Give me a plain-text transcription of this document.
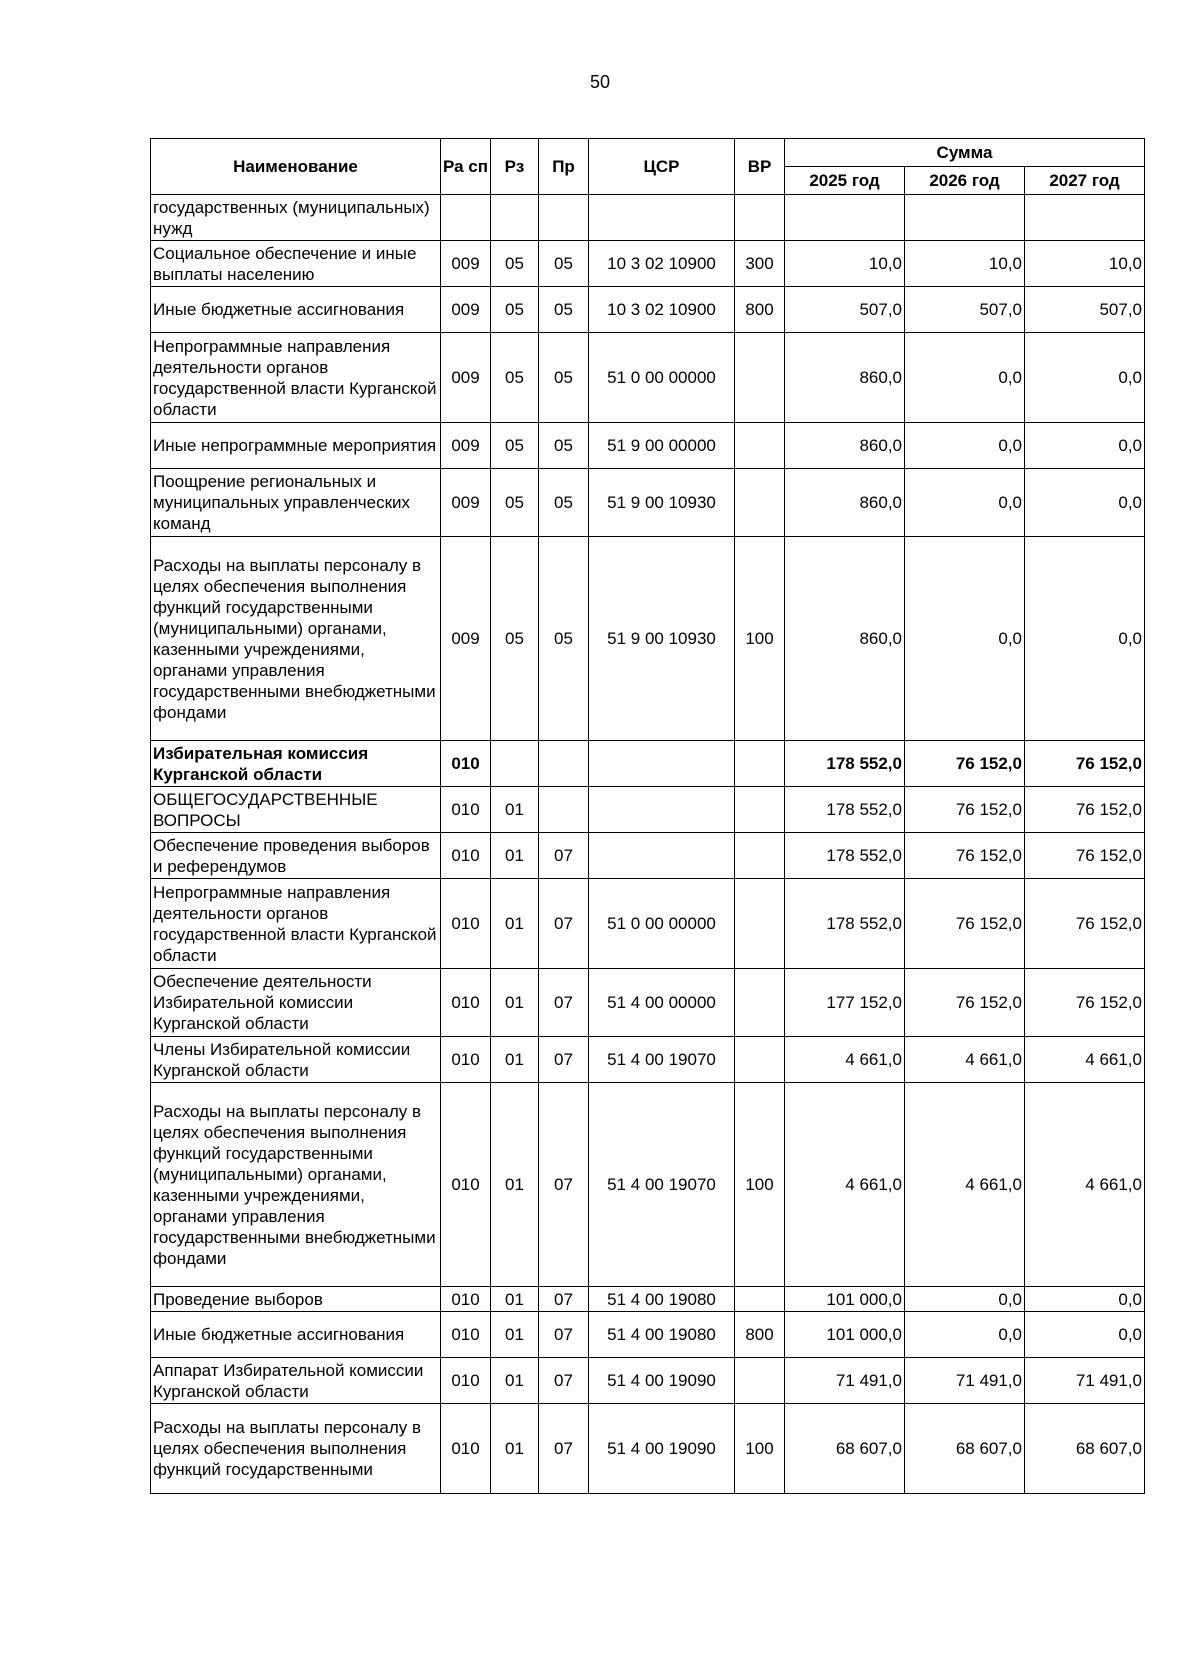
50
Наименование	Ра сп	Рз	Пр	ЦСР	ВР	Сумма		
						2025 год	2026 год	2027 год
государственных (муниципальных) нужд								
Социальное обеспечение и иные выплаты населению	009	05	05	10 3 02 10900	300	10,0	10,0	10,0
Иные бюджетные ассигнования	009	05	05	10 3 02 10900	800	507,0	507,0	507,0
Непрограммные направления деятельности органов государственной власти Курганской области	009	05	05	51 0 00 00000		860,0	0,0	0,0
Иные непрограммные мероприятия	009	05	05	51 9 00 00000		860,0	0,0	0,0
Поощрение региональных и муниципальных управленческих команд	009	05	05	51 9 00 10930		860,0	0,0	0,0
Расходы на выплаты персоналу в целях обеспечения выполнения функций государственными (муниципальными) органами, казенными учреждениями, органами управления государственными внебюджетными фондами	009	05	05	51 9 00 10930	100	860,0	0,0	0,0
Избирательная комиссия Курганской области	010					178 552,0	76 152,0	76 152,0
ОБЩЕГОСУДАРСТВЕННЫЕ ВОПРОСЫ	010	01				178 552,0	76 152,0	76 152,0
Обеспечение проведения выборов и референдумов	010	01	07			178 552,0	76 152,0	76 152,0
Непрограммные направления деятельности органов государственной власти Курганской области	010	01	07	51 0 00 00000		178 552,0	76 152,0	76 152,0
Обеспечение деятельности Избирательной комиссии Курганской области	010	01	07	51 4 00 00000		177 152,0	76 152,0	76 152,0
Члены Избирательной комиссии Курганской области	010	01	07	51 4 00 19070		4 661,0	4 661,0	4 661,0
Расходы на выплаты персоналу в целях обеспечения выполнения функций государственными (муниципальными) органами, казенными учреждениями, органами управления государственными внебюджетными фондами	010	01	07	51 4 00 19070	100	4 661,0	4 661,0	4 661,0
Проведение выборов	010	01	07	51 4 00 19080		101 000,0	0,0	0,0
Иные бюджетные ассигнования	010	01	07	51 4 00 19080	800	101 000,0	0,0	0,0
Аппарат Избирательной комиссии Курганской области	010	01	07	51 4 00 19090		71 491,0	71 491,0	71 491,0
Расходы на выплаты персоналу в целях обеспечения выполнения функций государственными	010	01	07	51 4 00 19090	100	68 607,0	68 607,0	68 607,0
